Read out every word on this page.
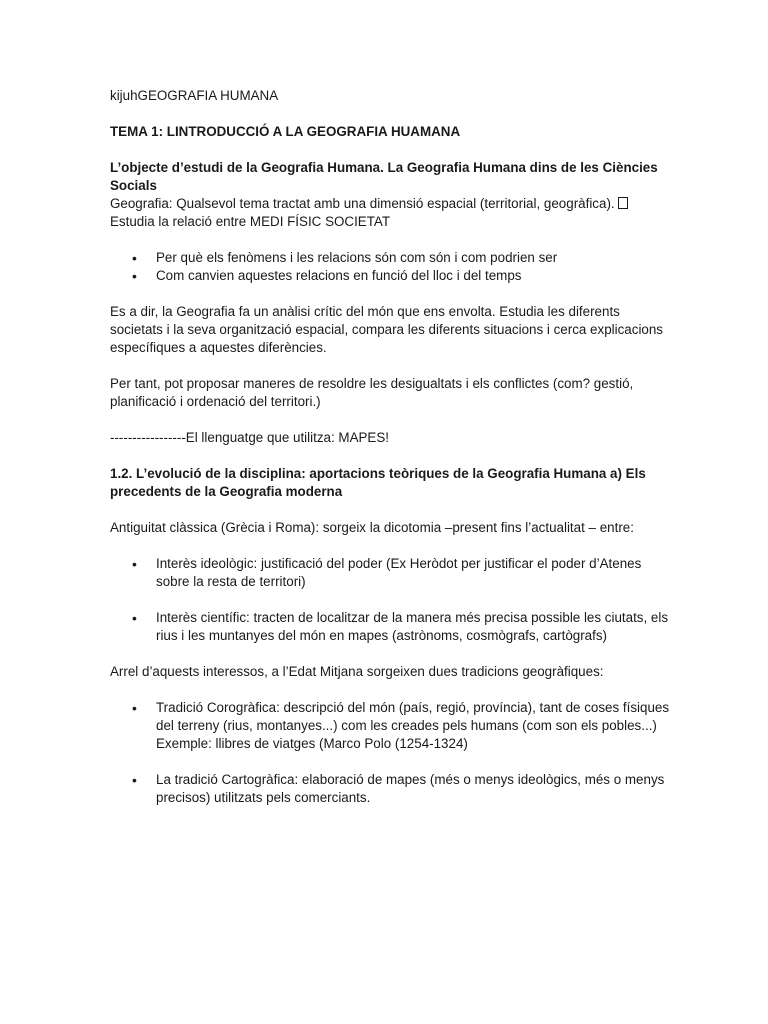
kijuhGEOGRAFIA HUMANA

TEMA 1: LINTRODUCCIÓ A LA GEOGRAFIA HUAMANA

L’objecte d’estudi de la Geografia Humana. La Geografia Humana dins de les Ciències Socials

Geografia: Qualsevol tema tractat amb una dimensió espacial (territorial, geogràfica).

Estudia la relació entre MEDI FÍSIC SOCIETAT

• Per què els fenòmens i les relacions són com són i com podrien ser
• Com canvien aquestes relacions en funció del lloc i del temps

Es a dir, la Geografia fa un anàlisi crític del món que ens envolta. Estudia les diferents societats i la seva organització espacial, compara les diferents situacions i cerca explicacions específiques a aquestes diferències.

Per tant, pot proposar maneres de resoldre les desigualtats i els conflictes (com? gestió, planificació i ordenació del territori.)

-----------------El llenguatge que utilitza: MAPES!

1.2. L’evolució de la disciplina: aportacions teòriques de la Geografia Humana a) Els precedents de la Geografia moderna

Antiguitat clàssica (Grècia i Roma): sorgeix la dicotomia –present fins l’actualitat – entre:

• Interès ideològic: justificació del poder (Ex Heròdot per justificar el poder d’Atenes sobre la resta de territori)
• Interès científic: tracten de localitzar de la manera més precisa possible les ciutats, els rius i les muntanyes del món en mapes (astrònoms, cosmògrafs, cartògrafs)

Arrel d’aquests interessos, a l’Edat Mitjana sorgeixen dues tradicions geogràfiques:

• Tradició Corogràfica: descripció del món (país, regió, província), tant de coses físiques del terreny (rius, montanyes...) com les creades pels humans (com son els pobles...) Exemple: llibres de viatges (Marco Polo (1254-1324)
• La tradició Cartogràfica: elaboració de mapes (més o menys ideològics, més o menys precisos) utilitzats pels comerciants.
